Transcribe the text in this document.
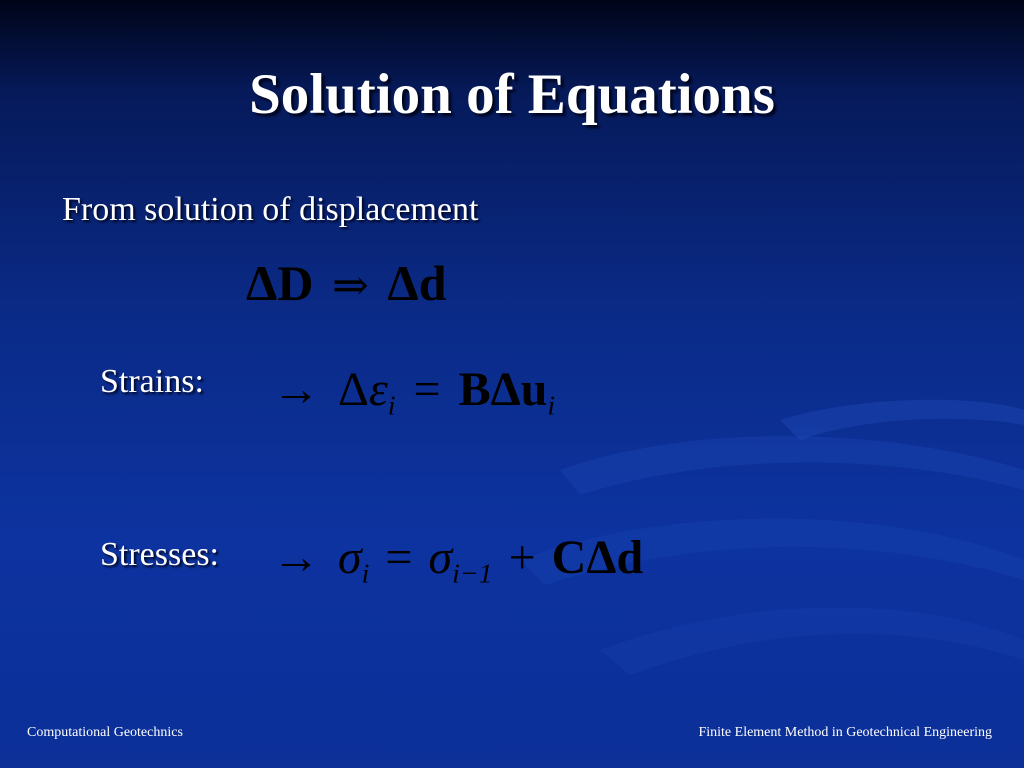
Solution of Equations
From solution of displacement
ΔD ⇒ Δd
Strains: → $\Delta\varepsilon_i = B\Delta u_i$
Stresses: → $\sigma_i = \sigma_{i-1} + C\Delta d$
Computational Geotechnics	Finite Element Method in Geotechnical Engineering
